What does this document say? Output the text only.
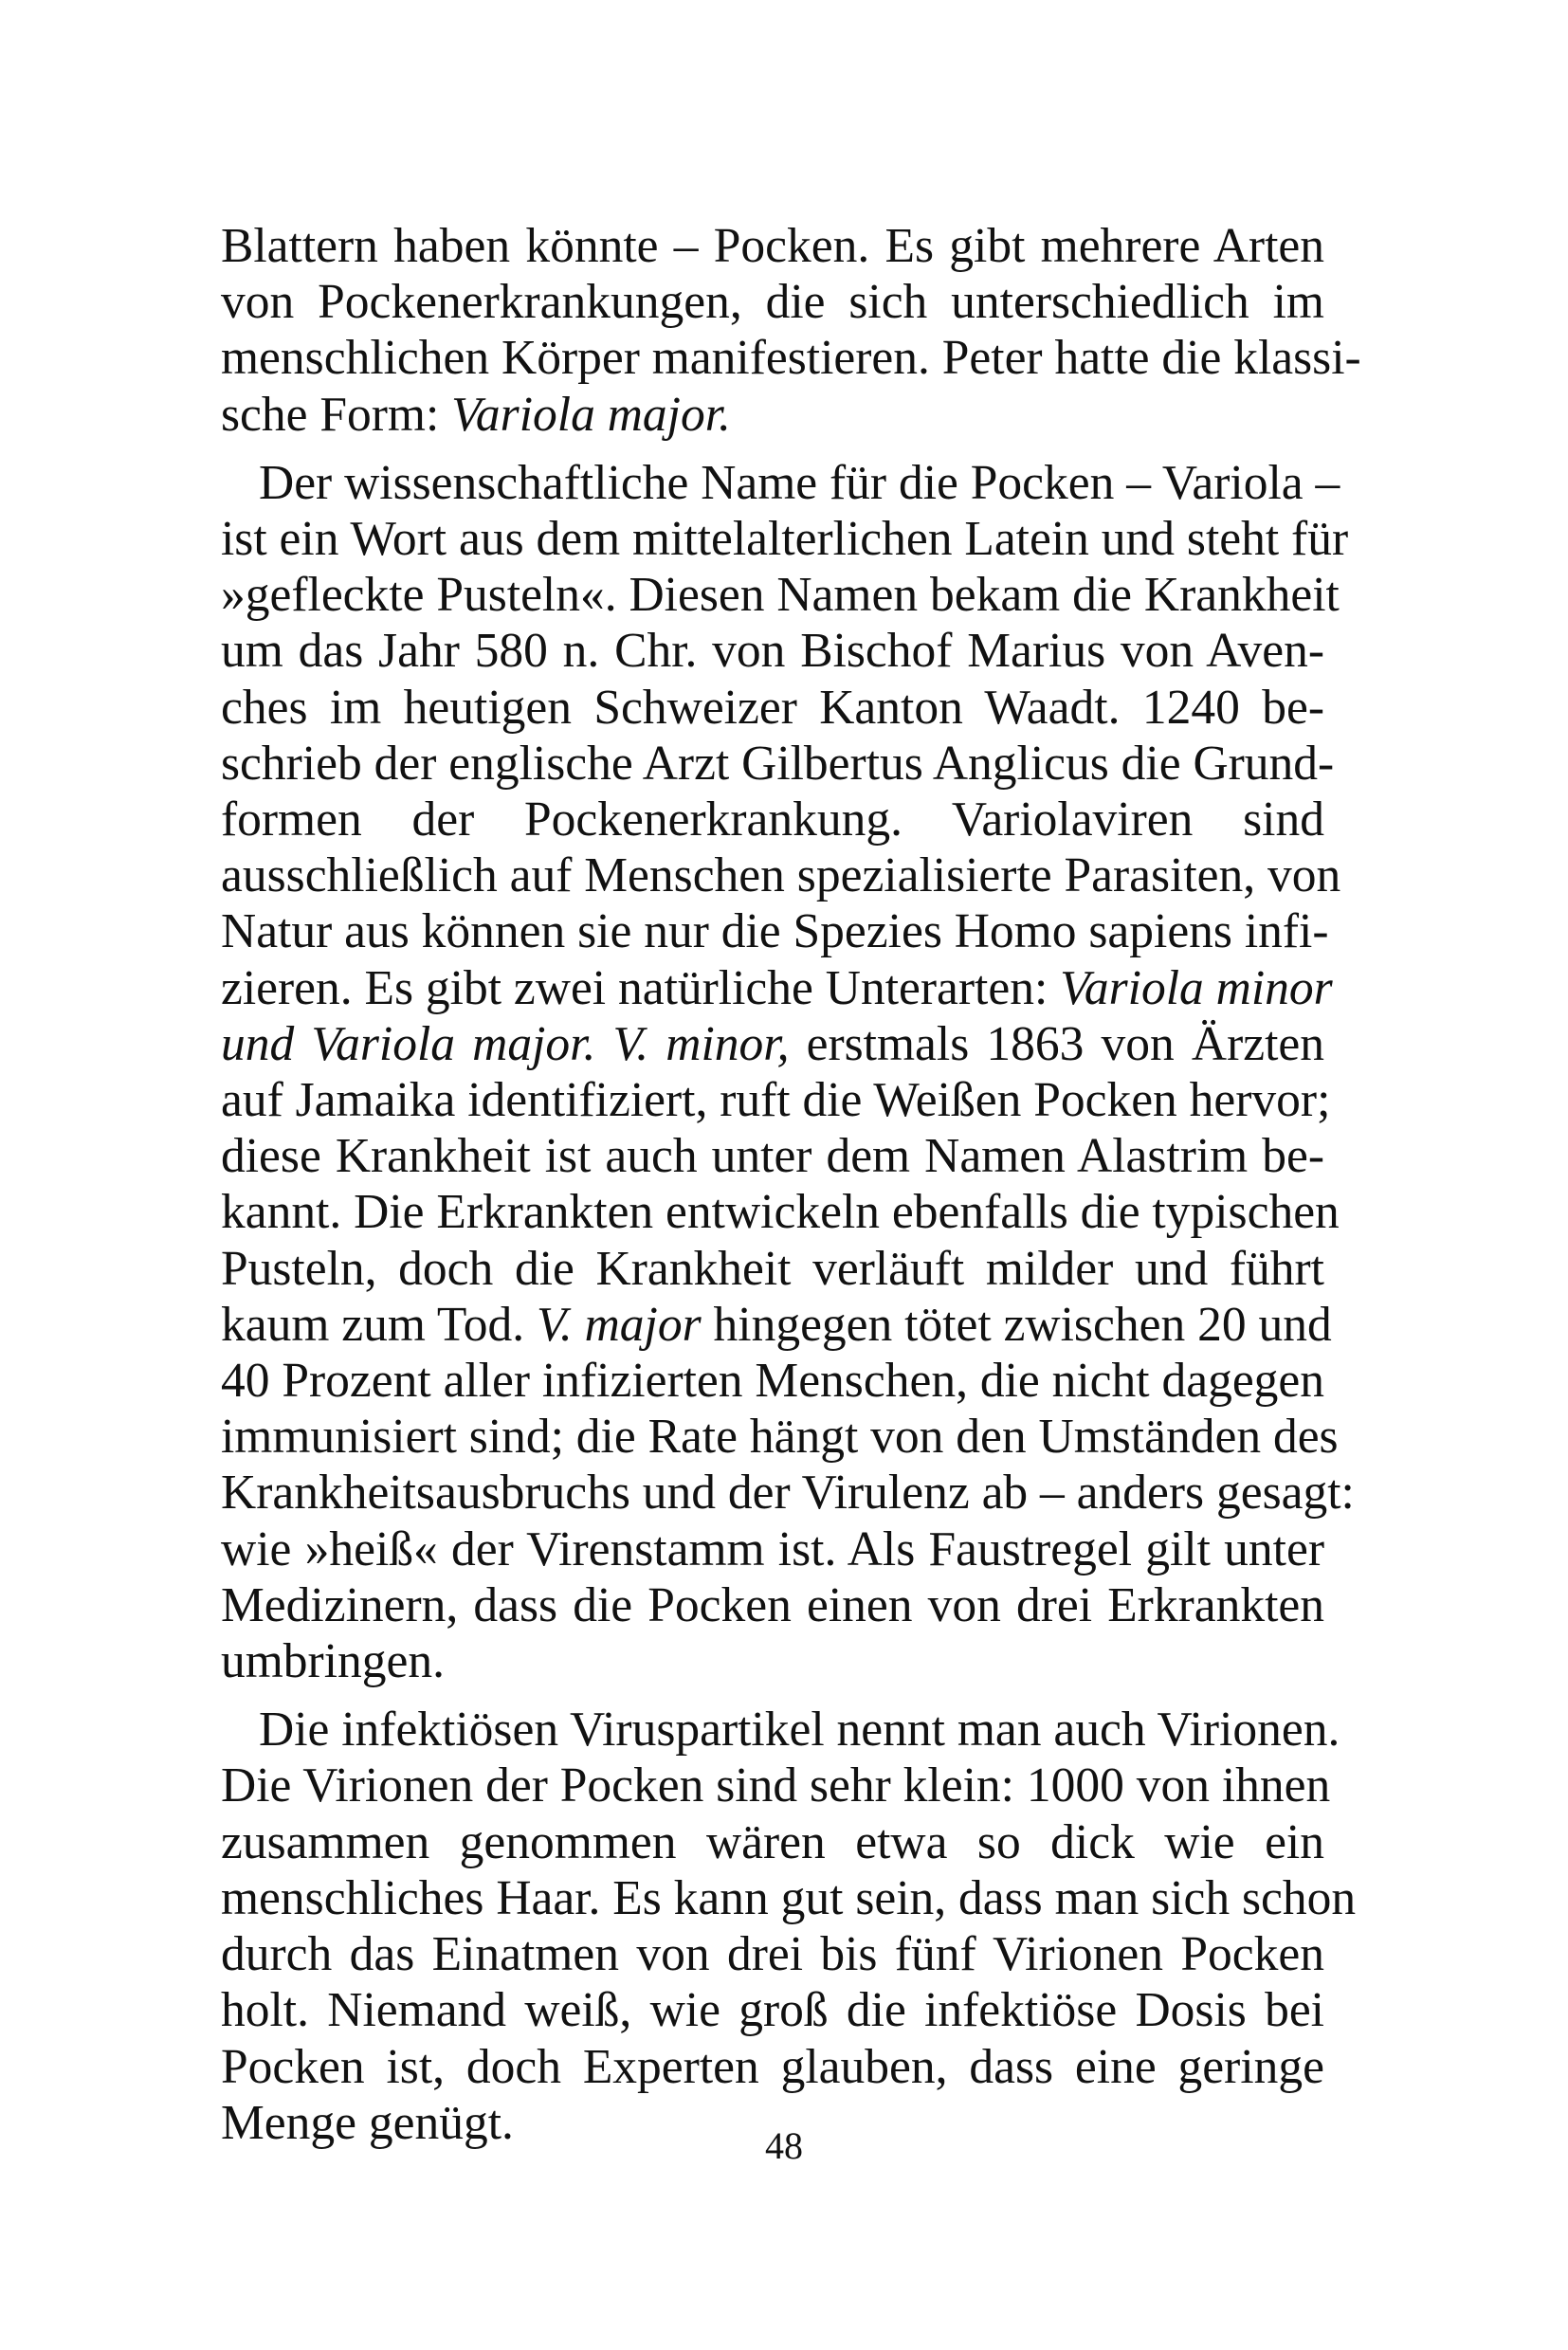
Blattern haben könnte – Pocken. Es gibt mehrere Arten
von Pockenerkrankungen, die sich unterschiedlich im
menschlichen Körper manifestieren. Peter hatte die klassi-
sche Form: Variola major.
Der wissenschaftliche Name für die Pocken – Variola –
ist ein Wort aus dem mittelalterlichen Latein und steht für
»gefleckte Pusteln«. Diesen Namen bekam die Krankheit
um das Jahr 580 n. Chr. von Bischof Marius von Aven-
ches im heutigen Schweizer Kanton Waadt. 1240 be-
schrieb der englische Arzt Gilbertus Anglicus die Grund-
formen der Pockenerkrankung. Variolaviren sind
ausschließlich auf Menschen spezialisierte Parasiten, von
Natur aus können sie nur die Spezies Homo sapiens infi-
zieren. Es gibt zwei natürliche Unterarten: Variola minor
und Variola major. V. minor, erstmals 1863 von Ärzten
auf Jamaika identifiziert, ruft die Weißen Pocken hervor;
diese Krankheit ist auch unter dem Namen Alastrim be-
kannt. Die Erkrankten entwickeln ebenfalls die typischen
Pusteln, doch die Krankheit verläuft milder und führt
kaum zum Tod. V. major hingegen tötet zwischen 20 und
40 Prozent aller infizierten Menschen, die nicht dagegen
immunisiert sind; die Rate hängt von den Umständen des
Krankheitsausbruchs und der Virulenz ab – anders gesagt:
wie »heiß« der Virenstamm ist. Als Faustregel gilt unter
Medizinern, dass die Pocken einen von drei Erkrankten
umbringen.
Die infektiösen Viruspartikel nennt man auch Virionen.
Die Virionen der Pocken sind sehr klein: 1000 von ihnen
zusammen genommen wären etwa so dick wie ein
menschliches Haar. Es kann gut sein, dass man sich schon
durch das Einatmen von drei bis fünf Virionen Pocken
holt. Niemand weiß, wie groß die infektiöse Dosis bei
Pocken ist, doch Experten glauben, dass eine geringe
Menge genügt.	48
